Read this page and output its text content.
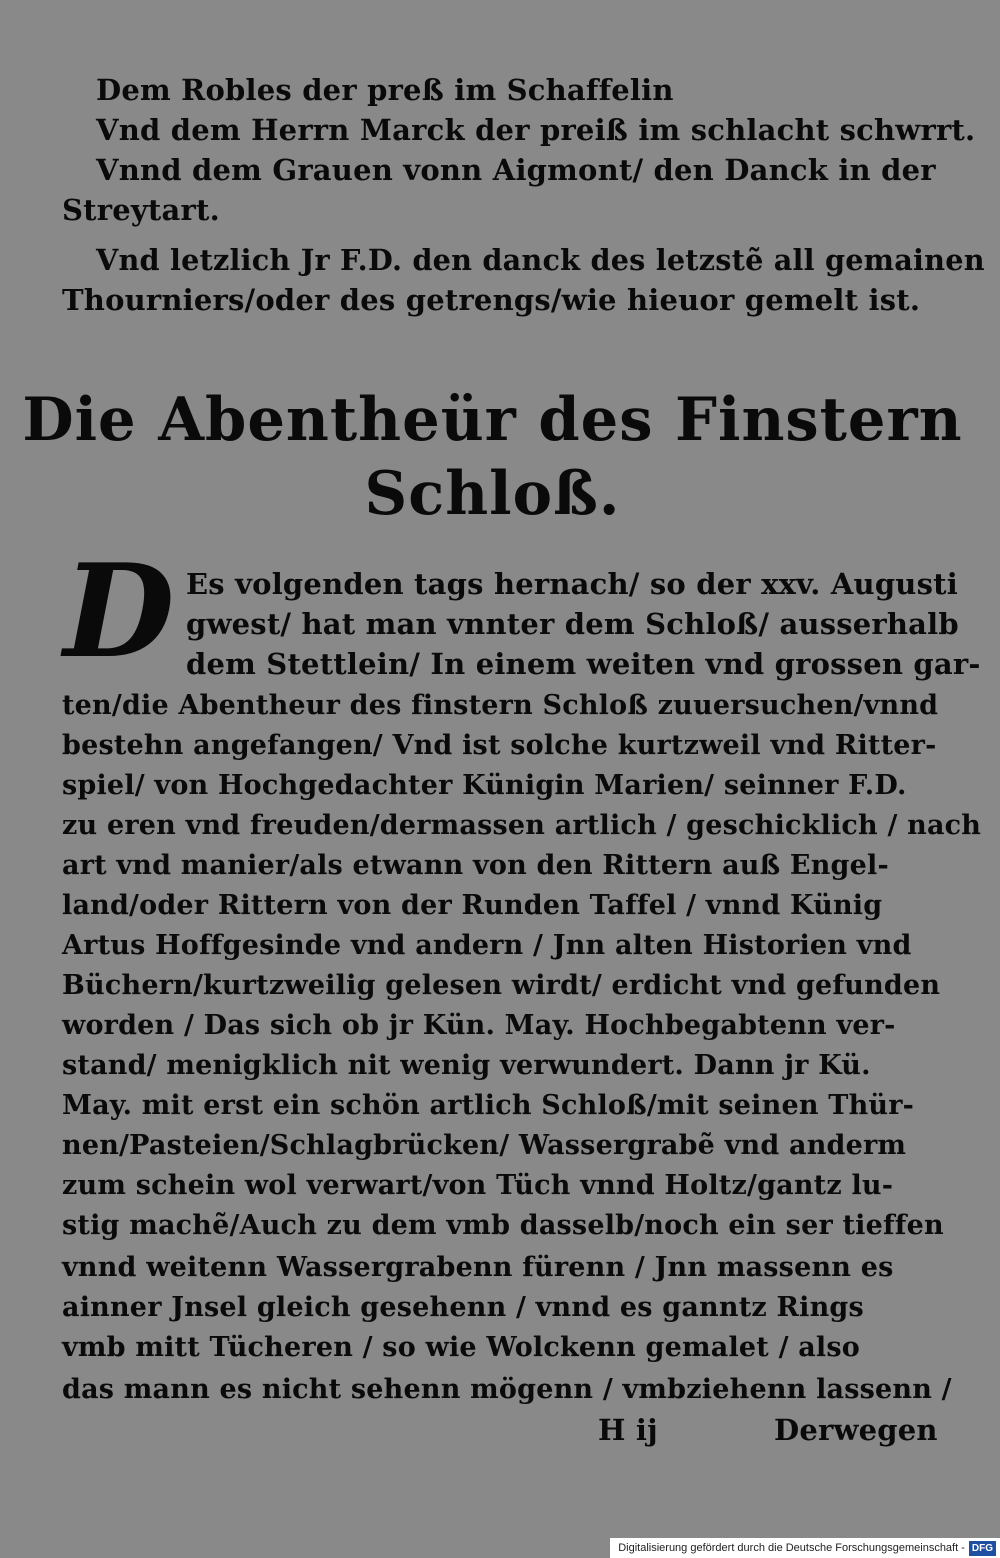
Dem Robles der preß im Schaffelin
Vnd dem Herrn Marck der preiß im schlacht schwrrt.
Vnnd dem Grauen vonn Aigmont/ den Danck in der
Streytart.
Vnd letzlich Jr F.D. den danck des letzstẽ all gemainen
Thourniers/oder des getrengs/wie hieuor gemelt ist.
Die Abentheür des Finstern
Schloß.
D Es volgenden tags hernach/ so der xxv. Augusti
gwest/ hat man vnnter dem Schloß/ ausserhalb
dem Stettlein/ In einem weiten vnd grossen gar-
ten/die Abentheur des finstern Schloß zuuersuchen/vnnd
bestehn angefangen/ Vnd ist solche kurtzweil vnd Ritter-
spiel/ von Hochgedachter Künigin Marien/ seinner F.D.
zu eren vnd freuden/dermassen artlich / geschicklich / nach
art vnd manier/als etwann von den Rittern auß Engel-
land/oder Rittern von der Runden Taffel / vnnd Künig
Artus Hoffgesinde vnd andern / Jnn alten Historien vnd
Büchern/kurtzweilig gelesen wirdt/ erdicht vnd gefunden
worden / Das sich ob jr Kün. May. Hochbegabtenn ver-
stand/ menigklich nit wenig verwundert. Dann jr Kü.
May. mit erst ein schön artlich Schloß/mit seinen Thür-
nen/Pasteien/Schlagbrücken/ Wassergrabẽ vnd anderm
zum schein wol verwart/von Tüch vnnd Holtz/gantz lu-
stig machẽ/Auch zu dem vmb dasselb/noch ein ser tieffen
vnnd weitenn Wassergrabenn fürenn / Jnn massenn es
ainner Jnsel gleich gesehenn / vnnd es ganntz Rings
vmb mitt Tücheren / so wie Wolckenn gemalet / also
das mann es nicht sehenn mögenn / vmbziehenn lassenn /
H ij	Derwegen
Digitalisierung gefördert durch die Deutsche Forschungsgemeinschaft - DFG
